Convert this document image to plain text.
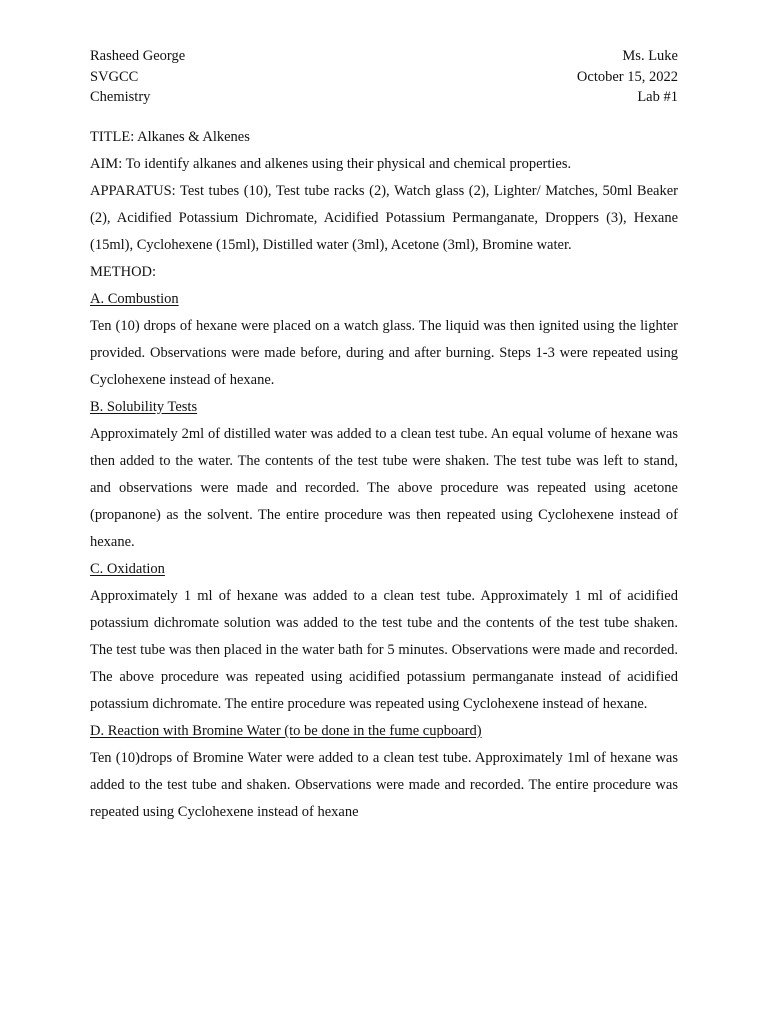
Rasheed George
SVGCC
Chemistry
Ms. Luke
October 15, 2022
Lab #1

TITLE: Alkanes & Alkenes

AIM: To identify alkanes and alkenes using their physical and chemical properties.

APPARATUS: Test tubes (10), Test tube racks (2), Watch glass (2), Lighter/ Matches, 50ml Beaker (2), Acidified Potassium Dichromate, Acidified Potassium Permanganate, Droppers (3), Hexane (15ml), Cyclohexene (15ml), Distilled water (3ml), Acetone (3ml), Bromine water.

METHOD:

A. Combustion

Ten (10) drops of hexane were placed on a watch glass. The liquid was then ignited using the lighter provided. Observations were made before, during and after burning. Steps 1-3 were repeated using Cyclohexene instead of hexane.

B. Solubility Tests

Approximately 2ml of distilled water was added to a clean test tube. An equal volume of hexane was then added to the water. The contents of the test tube were shaken. The test tube was left to stand, and observations were made and recorded. The above procedure was repeated using acetone (propanone) as the solvent. The entire procedure was then repeated using Cyclohexene instead of hexane.

C. Oxidation

Approximately 1 ml of hexane was added to a clean test tube. Approximately 1 ml of acidified potassium dichromate solution was added to the test tube and the contents of the test tube shaken. The test tube was then placed in the water bath for 5 minutes. Observations were made and recorded. The above procedure was repeated using acidified potassium permanganate instead of acidified potassium dichromate. The entire procedure was repeated using Cyclohexene instead of hexane.

D. Reaction with Bromine Water (to be done in the fume cupboard)

Ten (10)drops of Bromine Water were added to a clean test tube. Approximately 1ml of hexane was added to the test tube and shaken. Observations were made and recorded. The entire procedure was repeated using Cyclohexene instead of hexane
